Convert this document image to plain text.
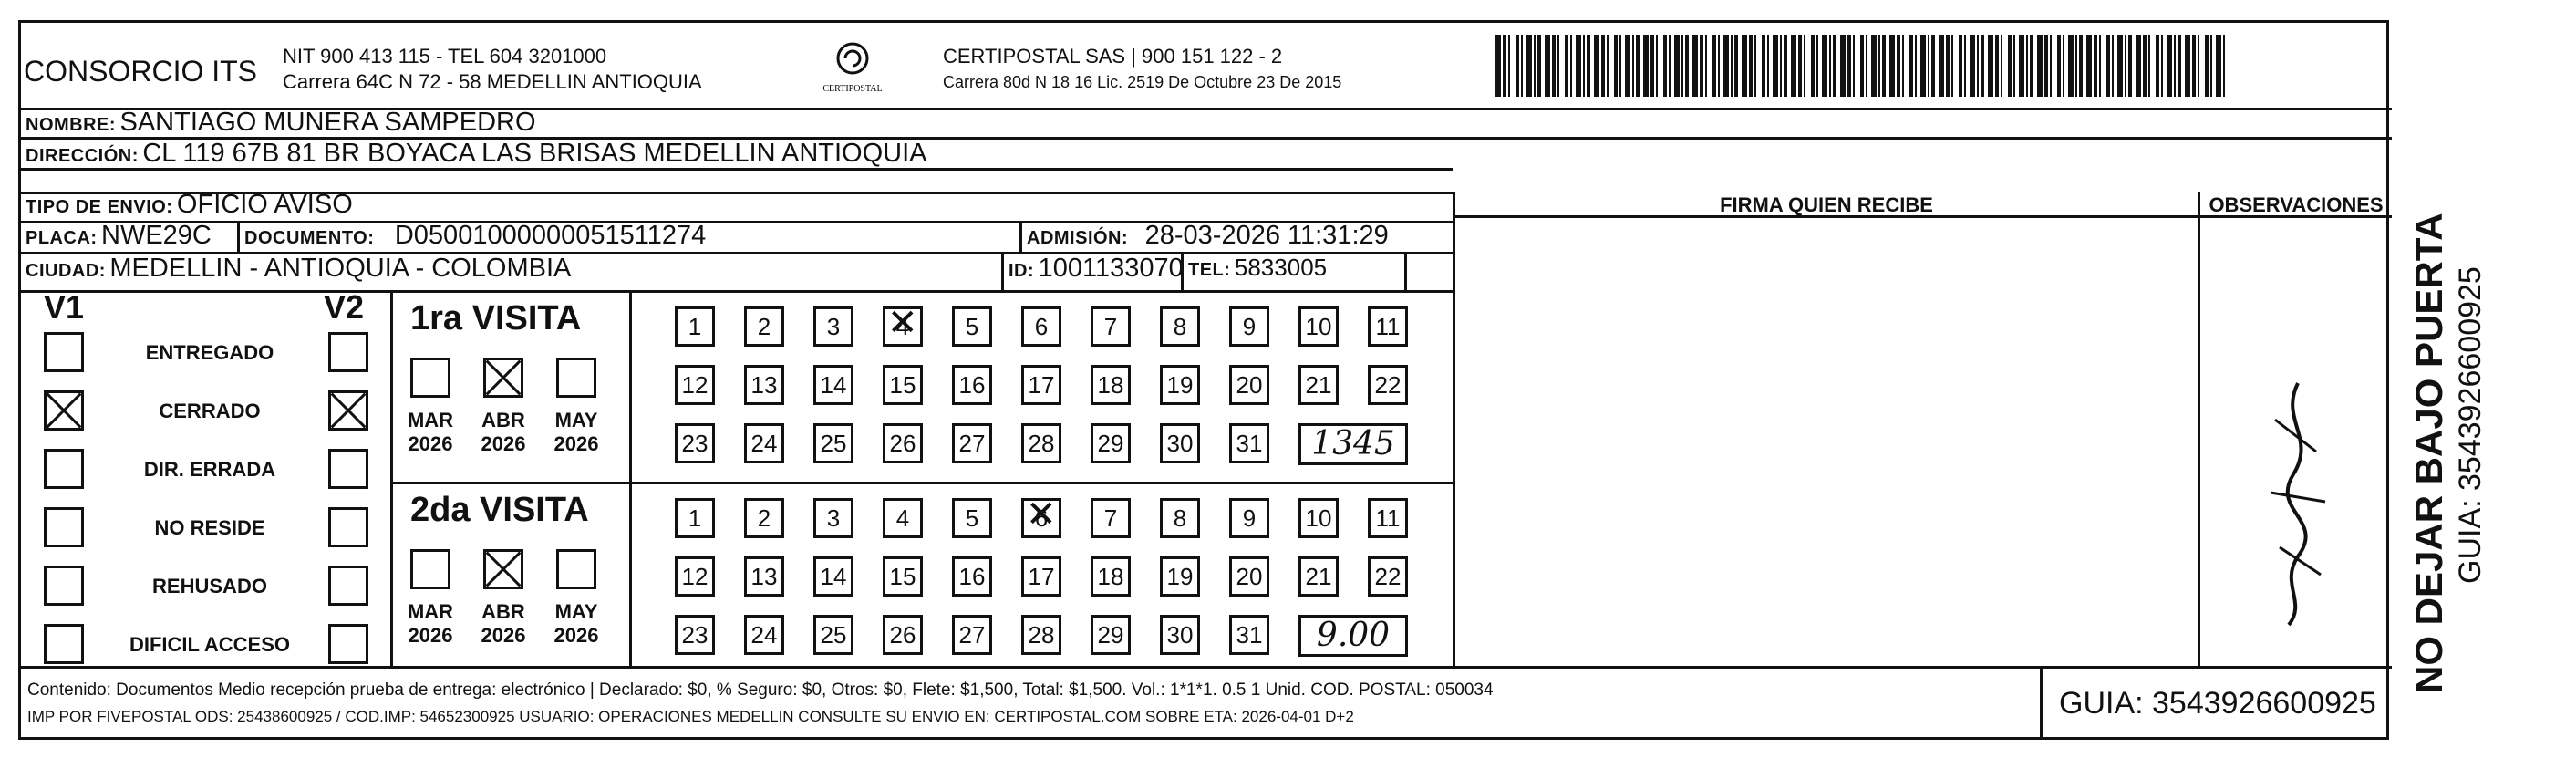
CONSORCIO ITS NIT 900 413 115 - TEL 604 3201000
Carrera 64C N 72 - 58 MEDELLIN ANTIOQUIA	CERTIPOSTAL
CERTIPOSTAL SAS | 900 151 122 - 2
Carrera 80d N 18 16 Lic. 2519 De Octubre 23 De 2015
NOMBRE: SANTIAGO MUNERA SAMPEDRO
DIRECCIÓN: CL 119 67B 81 BR BOYACA LAS BRISAS MEDELLIN ANTIOQUIA
TIPO DE ENVIO: OFICIO AVISO
PLACA: NWE29C DOCUMENTO: D05001000000051511274	ADMISIÓN: 28-03-2026 11:31:29
CIUDAD: MEDELLIN - ANTIOQUIA - COLOMBIA	ID: 1001133070 TEL: 5833005
FIRMA QUIEN RECIBE	OBSERVACIONES
V1	V2
ENTREGADO
CERRADO
DIR. ERRADA
NO RESIDE
REHUSADO
DIFICIL ACCESO
1ra VISITA
MAR
2026
ABR
2026
MAY
2026
1	2	3	4 ✕	5	6	7	8	9	10	11
12 13 14 15 16 17 18 19 20 21 22
23 24 25 26 27 28 29 30 31	1345
2da VISITA
MAR
2026
ABR
2026
MAY
2026
1	2	3	4	5	6 ✕	7	8	9	10	11
12 13 14 15 16 17 18 19 20 21 22
23 24 25 26 27 28 29 30 31	9.00
Contenido: Documentos Medio recepción prueba de entrega: electrónico | Declarado: $0, % Seguro: $0, Otros: $0, Flete: $1,500, Total: $1,500. Vol.: 1*1*1. 0.5 1 Unid. COD. POSTAL: 050034
IMP POR FIVEPOSTAL ODS: 25438600925 / COD.IMP: 54652300925 USUARIO: OPERACIONES MEDELLIN CONSULTE SU ENVIO EN: CERTIPOSTAL.COM SOBRE ETA: 2026-04-01 D+2	GUIA: 3543926600925
NO DEJAR BAJO PUERTA GUIA: 3543926600925
